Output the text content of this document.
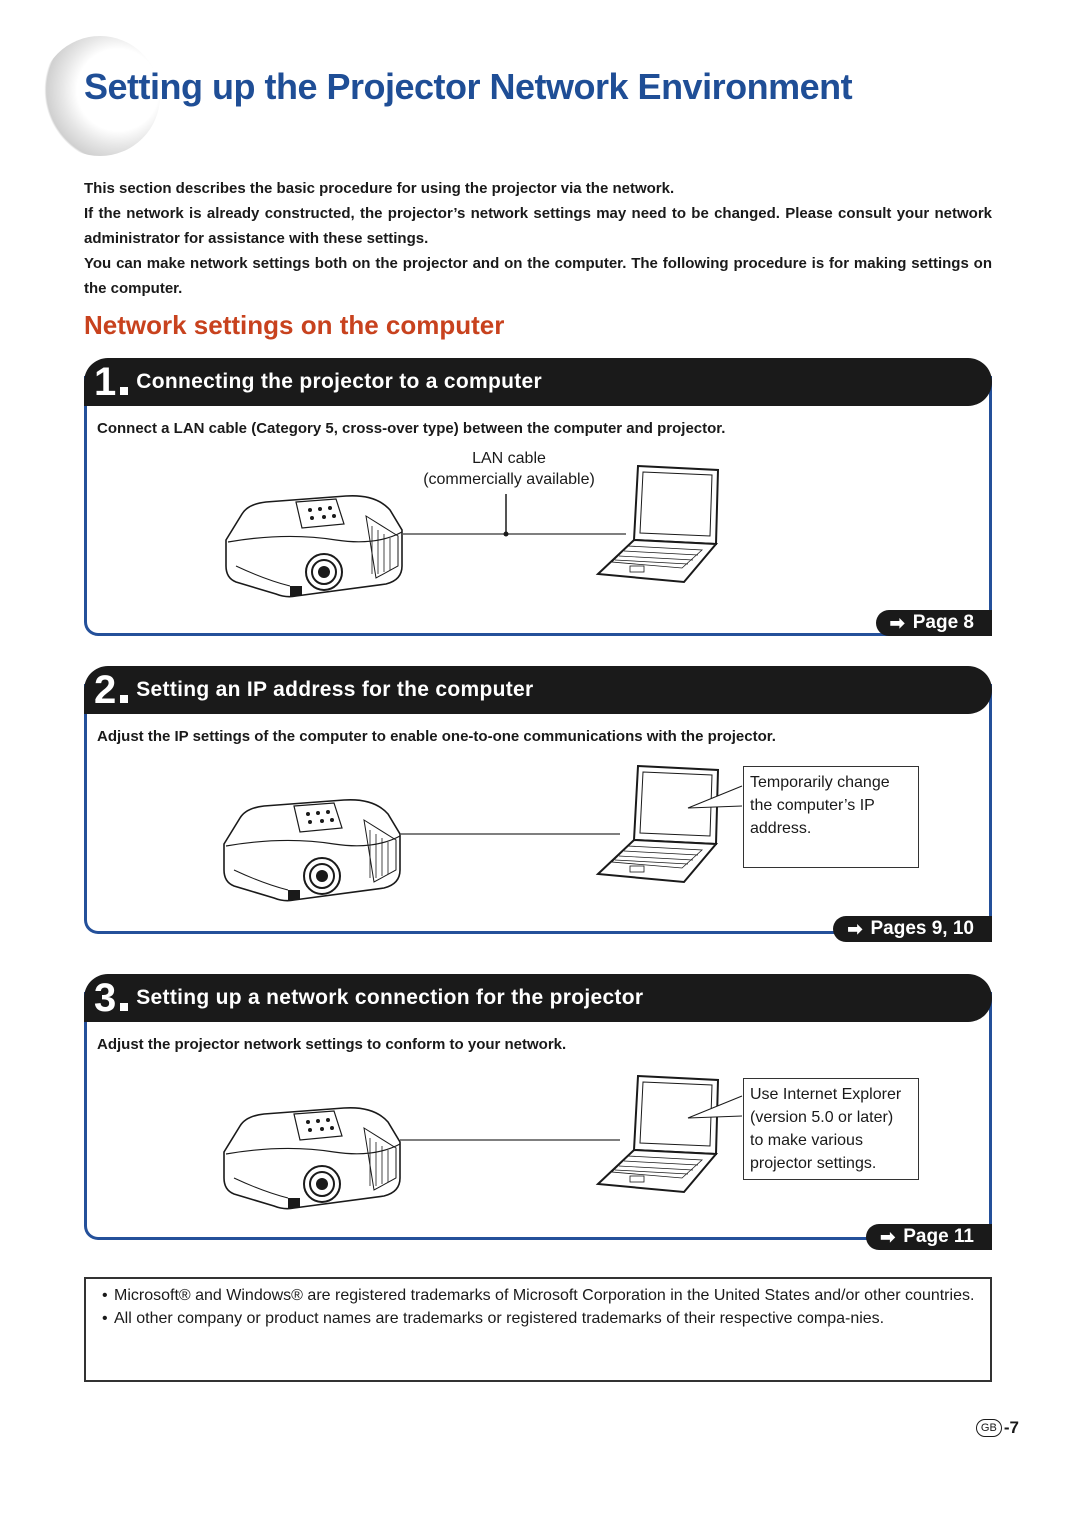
Setting up the Projector Network Environment

This section describes the basic procedure for using the projector via the network.

If the network is already constructed, the projector’s network settings may need to be changed. Please consult your network administrator for assistance with these settings.

You can make network settings both on the projector and on the computer. The following procedure is for making settings on the computer.

Network settings on the computer
1 Connecting the projector to a computer
Connect a LAN cable (Category 5, cross-over type) between the computer and projector.
LAN cable
(commercially available)
➡ Page 8
2 Setting an IP address for the computer
Adjust the IP settings of the computer to enable one-to-one communications with the projector.
Temporarily change
the computer’s IP
address.
➡ Pages 9, 10
3 Setting up a network connection for the projector
Adjust the projector network settings to conform to your network.
Use Internet Explorer
(version 5.0 or later)
to make various
projector settings.
➡ Page 11
• Microsoft® and Windows® are registered trademarks of Microsoft Corporation in the United States and/or other countries.
• All other company or product names are trademarks or registered trademarks of their respective compa-nies.
GB -7
